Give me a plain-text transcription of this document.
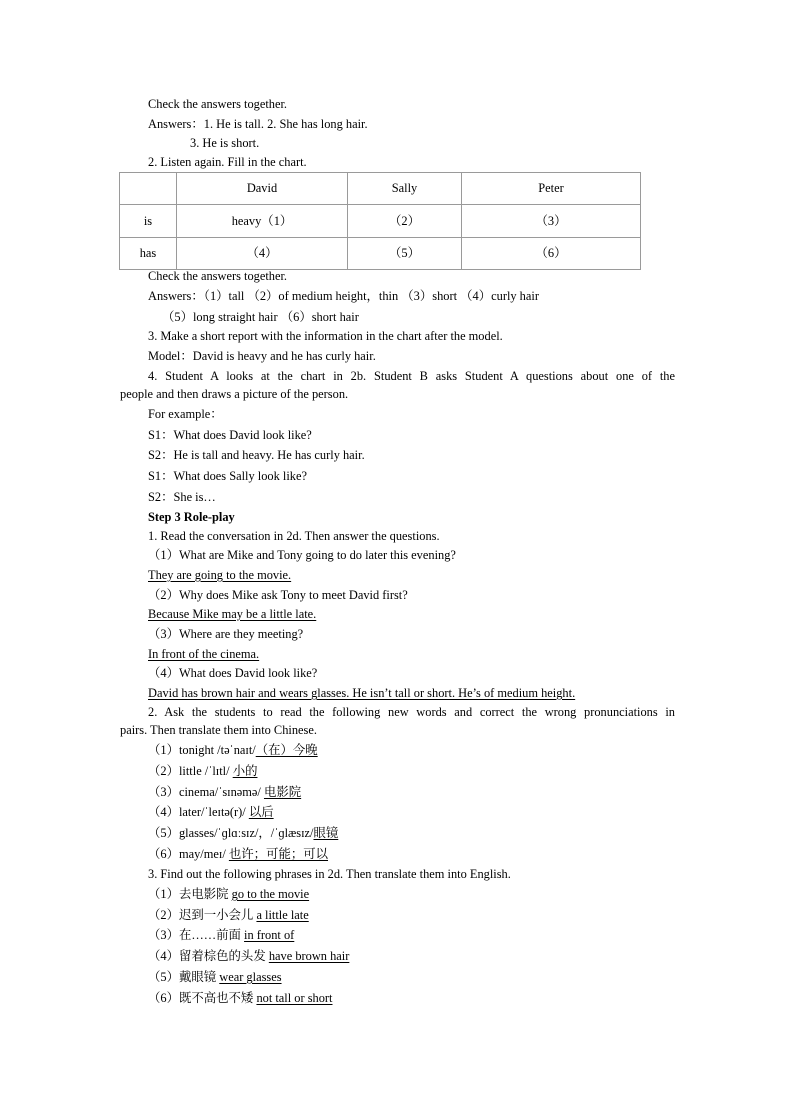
Check the answers together.
Answers：1. He is tall. 2. She has long hair.
3. He is short.
2. Listen again. Fill in the chart.
	David	Sally	Peter
is	heavy（1）	（2）	（3）
has	（4）	（5）	（6）
Check the answers together.
Answers：（1）tall （2）of medium height，thin （3）short （4）curly hair
（5）long straight hair （6）short hair
3. Make a short report with the information in the chart after the model.
Model：David is heavy and he has curly hair.
4. Student A looks at the chart in 2b. Student B asks Student A questions about one of the
people and then draws a picture of the person.
For example：
S1：What does David look like?
S2：He is tall and heavy. He has curly hair.
S1：What does Sally look like?
S2：She is…
Step 3 Role-play
1. Read the conversation in 2d. Then answer the questions.
（1）What are Mike and Tony going to do later this evening?
They are going to the movie.
（2）Why does Mike ask Tony to meet David first?
Because Mike may be a little late.
（3）Where are they meeting?
In front of the cinema.
（4）What does David look like?
David has brown hair and wears glasses. He isn’t tall or short. He’s of medium height.
2. Ask the students to read the following new words and correct the wrong pronunciations in
pairs. Then translate them into Chinese.
（1）tonight /təˈnaɪt/（在）今晚
（2）little /ˈlɪtl/ 小的
（3）cinema/ˈsɪnəmə/ 电影院
（4）later/ˈleɪtə(r)/ 以后
（5）glasses/ˈɡlɑːsɪz/，/ˈɡlæsɪz/眼镜
（6）may/meɪ/ 也许；可能；可以
3. Find out the following phrases in 2d. Then translate them into English.
（1）去电影院 go to the movie
（2）迟到一小会儿 a little late
（3）在……前面 in front of
（4）留着棕色的头发 have brown hair
（5）戴眼镜 wear glasses
（6）既不高也不矮 not tall or short
